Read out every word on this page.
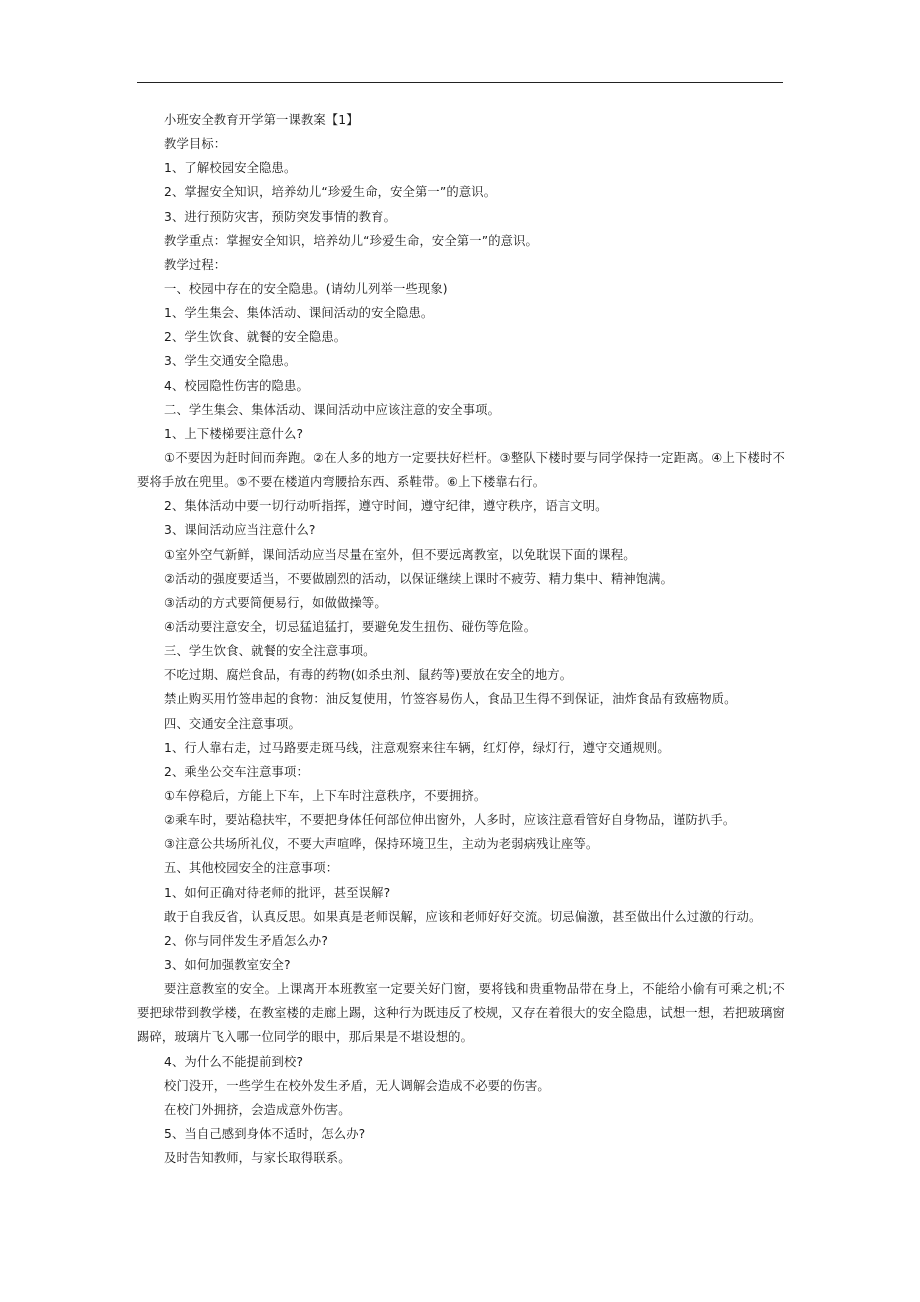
小班安全教育开学第一课教案【1】
教学目标：
1、了解校园安全隐患。
2、掌握安全知识，培养幼儿“珍爱生命，安全第一”的意识。
3、进行预防灾害，预防突发事情的教育。
教学重点：掌握安全知识，培养幼儿“珍爱生命，安全第一”的意识。
教学过程：
一、校园中存在的安全隐患。(请幼儿列举一些现象)
1、学生集会、集体活动、课间活动的安全隐患。
2、学生饮食、就餐的安全隐患。
3、学生交通安全隐患。
4、校园隐性伤害的隐患。
二、学生集会、集体活动、课间活动中应该注意的安全事项。
1、上下楼梯要注意什么?
①不要因为赶时间而奔跑。②在人多的地方一定要扶好栏杆。③整队下楼时要与同学保持一定距离。④上下楼时不要将手放在兜里。⑤不要在楼道内弯腰拾东西、系鞋带。⑥上下楼靠右行。
2、集体活动中要一切行动听指挥，遵守时间，遵守纪律，遵守秩序，语言文明。
3、课间活动应当注意什么?
①室外空气新鲜，课间活动应当尽量在室外，但不要远离教室，以免耽误下面的课程。
②活动的强度要适当，不要做剧烈的活动，以保证继续上课时不疲劳、精力集中、精神饱满。
③活动的方式要简便易行，如做做操等。
④活动要注意安全，切忌猛追猛打，要避免发生扭伤、碰伤等危险。
三、学生饮食、就餐的安全注意事项。
不吃过期、腐烂食品，有毒的药物(如杀虫剂、鼠药等)要放在安全的地方。
禁止购买用竹签串起的食物：油反复使用，竹签容易伤人，食品卫生得不到保证，油炸食品有致癌物质。
四、交通安全注意事项。
1、行人靠右走，过马路要走斑马线，注意观察来往车辆，红灯停，绿灯行，遵守交通规则。
2、乘坐公交车注意事项：
①车停稳后，方能上下车，上下车时注意秩序，不要拥挤。
②乘车时，要站稳扶牢，不要把身体任何部位伸出窗外，人多时，应该注意看管好自身物品，谨防扒手。
③注意公共场所礼仪，不要大声喧哗，保持环境卫生，主动为老弱病残让座等。
五、其他校园安全的注意事项：
1、如何正确对待老师的批评，甚至误解?
敢于自我反省，认真反思。如果真是老师误解，应该和老师好好交流。切忌偏激，甚至做出什么过激的行动。
2、你与同伴发生矛盾怎么办?
3、如何加强教室安全?
要注意教室的安全。上课离开本班教室一定要关好门窗，要将钱和贵重物品带在身上，不能给小偷有可乘之机;不要把球带到教学楼，在教室楼的走廊上踢，这种行为既违反了校规，又存在着很大的安全隐患，试想一想，若把玻璃窗踢碎，玻璃片飞入哪一位同学的眼中，那后果是不堪设想的。
4、为什么不能提前到校?
校门没开，一些学生在校外发生矛盾，无人调解会造成不必要的伤害。
在校门外拥挤，会造成意外伤害。
5、当自己感到身体不适时，怎么办?
及时告知教师，与家长取得联系。
